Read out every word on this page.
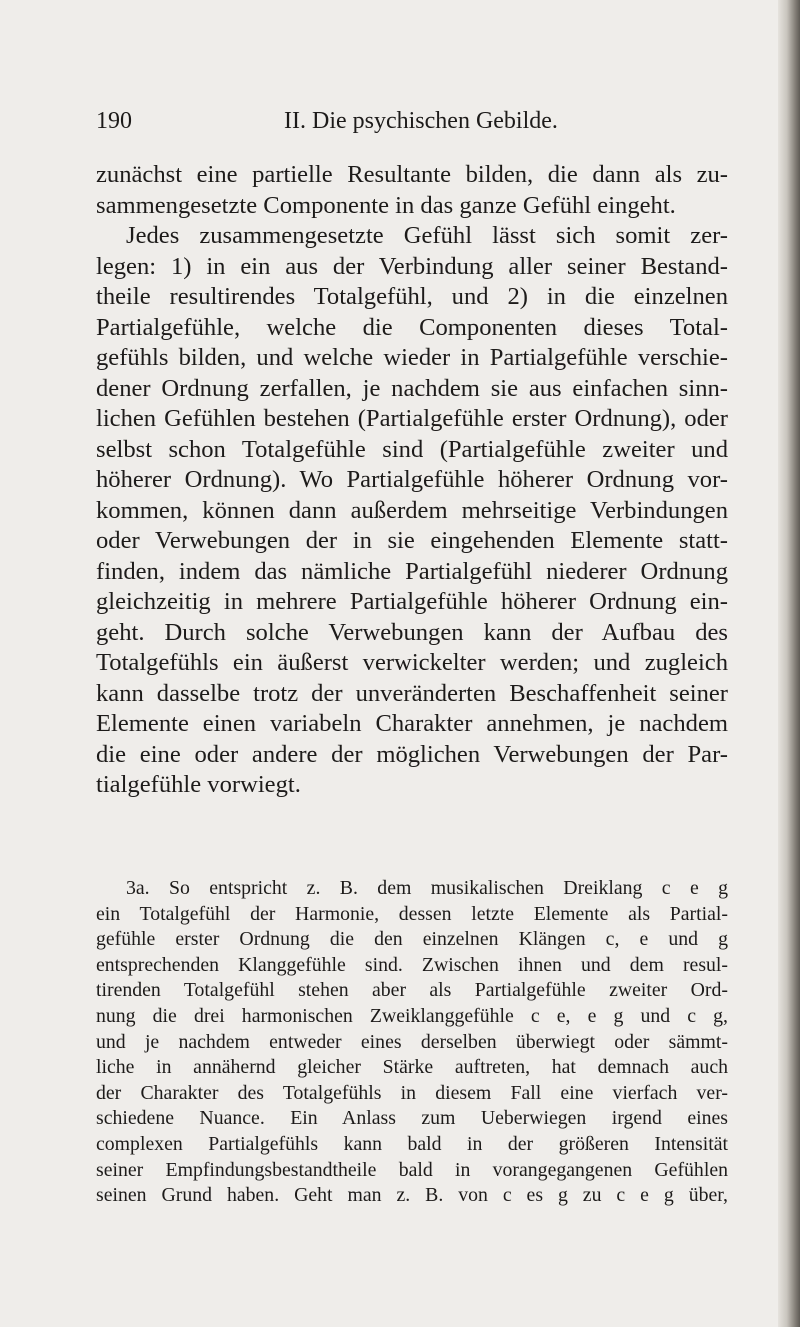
190	II. Die psychischen Gebilde.
zunächst eine partielle Resultante bilden, die dann als zu-
sammengesetzte Componente in das ganze Gefühl eingeht.
Jedes zusammengesetzte Gefühl lässt sich somit zer-
legen: 1) in ein aus der Verbindung aller seiner Bestand-
theile resultirendes Totalgefühl, und 2) in die einzelnen
Partialgefühle, welche die Componenten dieses Total-
gefühls bilden, und welche wieder in Partialgefühle verschie-
dener Ordnung zerfallen, je nachdem sie aus einfachen sinn-
lichen Gefühlen bestehen (Partialgefühle erster Ordnung), oder
selbst schon Totalgefühle sind (Partialgefühle zweiter und
höherer Ordnung). Wo Partialgefühle höherer Ordnung vor-
kommen, können dann außerdem mehrseitige Verbindungen
oder Verwebungen der in sie eingehenden Elemente statt-
finden, indem das nämliche Partialgefühl niederer Ordnung
gleichzeitig in mehrere Partialgefühle höherer Ordnung ein-
geht. Durch solche Verwebungen kann der Aufbau des
Totalgefühls ein äußerst verwickelter werden; und zugleich
kann dasselbe trotz der unveränderten Beschaffenheit seiner
Elemente einen variabeln Charakter annehmen, je nachdem
die eine oder andere der möglichen Verwebungen der Par-
tialgefühle vorwiegt.
3a. So entspricht z. B. dem musikalischen Dreiklang c e g
ein Totalgefühl der Harmonie, dessen letzte Elemente als Partial-
gefühle erster Ordnung die den einzelnen Klängen c, e und g
entsprechenden Klanggefühle sind. Zwischen ihnen und dem resul-
tirenden Totalgefühl stehen aber als Partialgefühle zweiter Ord-
nung die drei harmonischen Zweiklanggefühle c e, e g und c g,
und je nachdem entweder eines derselben überwiegt oder sämmt-
liche in annähernd gleicher Stärke auftreten, hat demnach auch
der Charakter des Totalgefühls in diesem Fall eine vierfach ver-
schiedene Nuance. Ein Anlass zum Ueberwiegen irgend eines
complexen Partialgefühls kann bald in der größeren Intensität
seiner Empfindungsbestandtheile bald in vorangegangenen Gefühlen
seinen Grund haben. Geht man z. B. von c es g zu c e g über,
